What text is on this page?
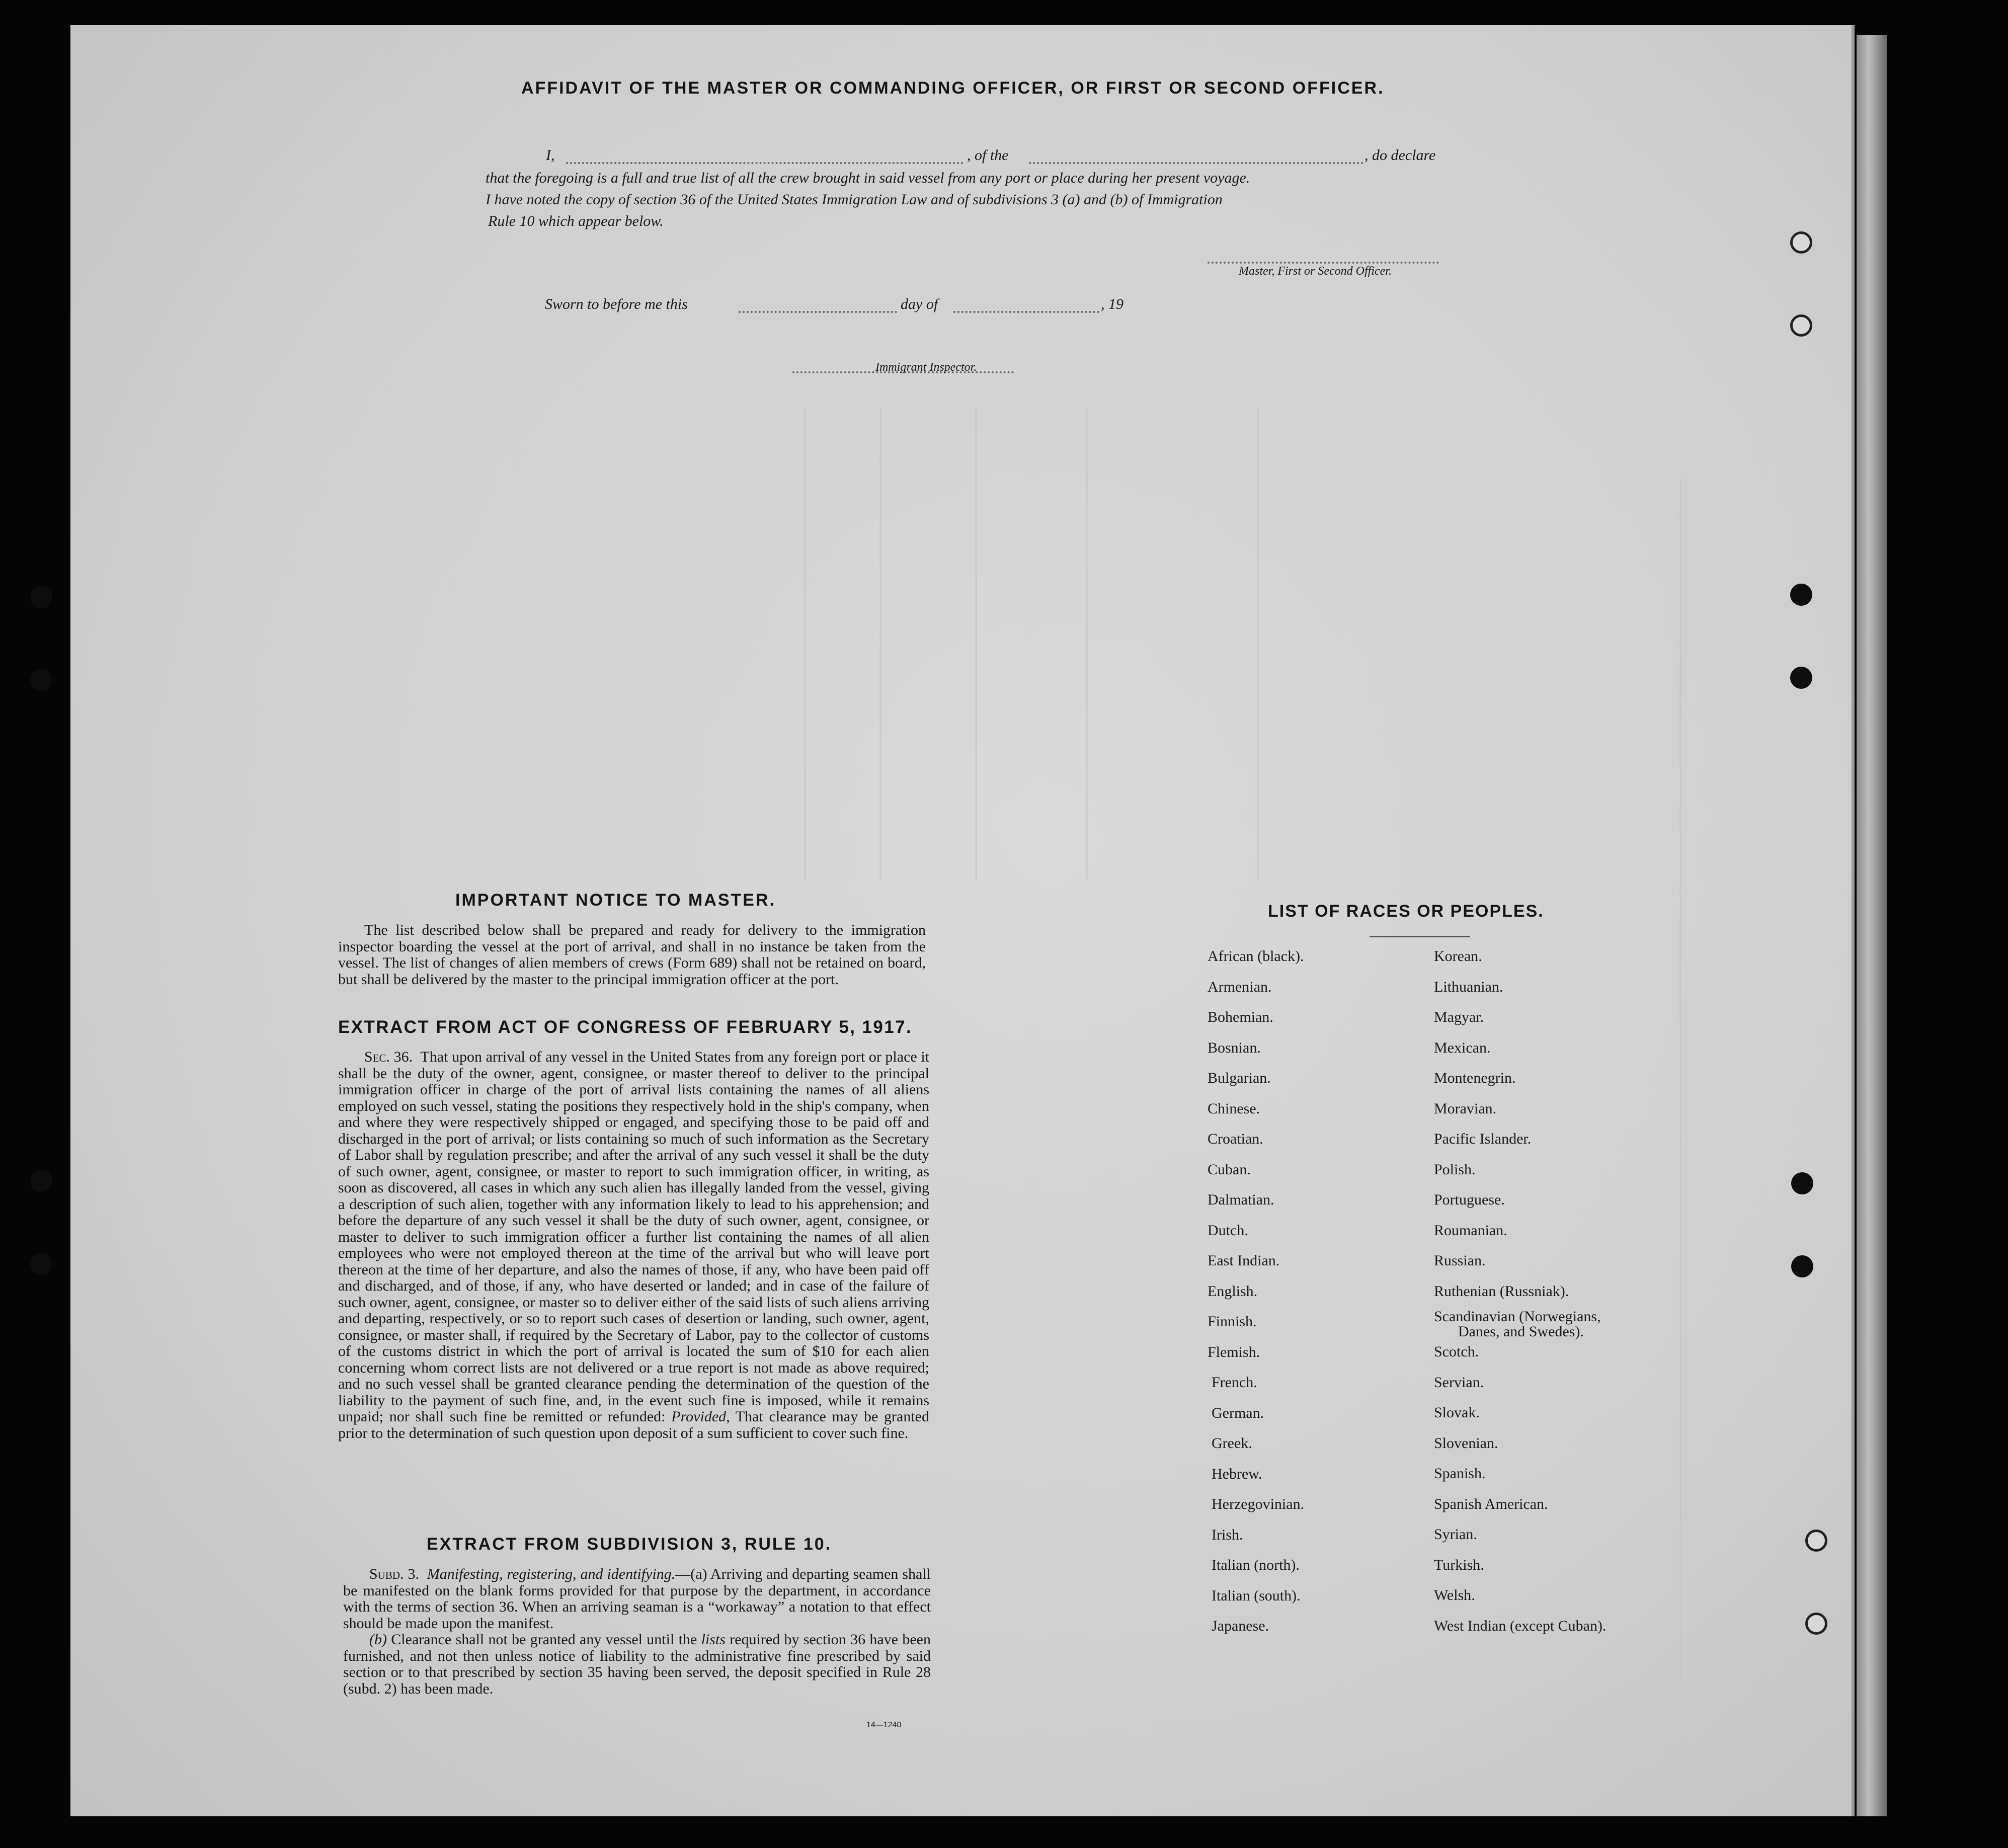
AFFIDAVIT OF THE MASTER OR COMMANDING OFFICER, OR FIRST OR SECOND OFFICER.
I,	, of the	, do declare
that the foregoing is a full and true list of all the crew brought in said vessel from any port or place during her present voyage.
I have noted the copy of section 36 of the United States Immigration Law and of subdivisions 3 (a) and (b) of Immigration
Rule 10 which appear below.
Master, First or Second Officer.
Sworn to before me this	day of	, 19
Immigrant Inspector.
IMPORTANT NOTICE TO MASTER.

The list described below shall be prepared and ready for delivery to the immigration inspector boarding the vessel at the port of arrival, and shall in no instance be taken from the vessel. The list of changes of alien members of crews (Form 689) shall not be retained on board, but shall be delivered by the master to the principal immigration officer at the port.

EXTRACT FROM ACT OF CONGRESS OF FEBRUARY 5, 1917.

Sec. 36. That upon arrival of any vessel in the United States from any foreign port or place it shall be the duty of the owner, agent, consignee, or master thereof to deliver to the principal immigration officer in charge of the port of arrival lists containing the names of all aliens employed on such vessel, stating the positions they respectively hold in the ship's company, when and where they were respectively shipped or engaged, and specifying those to be paid off and discharged in the port of arrival; or lists containing so much of such information as the Secretary of Labor shall by regulation prescribe; and after the arrival of any such vessel it shall be the duty of such owner, agent, consignee, or master to report to such immigration officer, in writing, as soon as discovered, all cases in which any such alien has illegally landed from the vessel, giving a description of such alien, together with any information likely to lead to his apprehension; and before the departure of any such vessel it shall be the duty of such owner, agent, consignee, or master to deliver to such immigration officer a further list containing the names of all alien employees who were not employed thereon at the time of the arrival but who will leave port thereon at the time of her departure, and also the names of those, if any, who have been paid off and discharged, and of those, if any, who have deserted or landed; and in case of the failure of such owner, agent, consignee, or master so to deliver either of the said lists of such aliens arriving and departing, respectively, or so to report such cases of desertion or landing, such owner, agent, consignee, or master shall, if required by the Secretary of Labor, pay to the collector of customs of the customs district in which the port of arrival is located the sum of $10 for each alien concerning whom correct lists are not delivered or a true report is not made as above required; and no such vessel shall be granted clearance pending the determination of the question of the liability to the payment of such fine, and, in the event such fine is imposed, while it remains unpaid; nor shall such fine be remitted or refunded: Provided, That clearance may be granted prior to the determination of such question upon deposit of a sum sufficient to cover such fine.

EXTRACT FROM SUBDIVISION 3, RULE 10.

Subd. 3. Manifesting, registering, and identifying.—(a) Arriving and departing seamen shall be manifested on the blank forms provided for that purpose by the department, in accordance with the terms of section 36. When an arriving seaman is a “workaway” a notation to that effect should be made upon the manifest.

(b) Clearance shall not be granted any vessel until the lists required by section 36 have been furnished, and not then unless notice of liability to the administrative fine prescribed by said section or to that prescribed by section 35 having been served, the deposit specified in Rule 28 (subd. 2) has been made.

14—1240
LIST OF RACES OR PEOPLES.
African (black).
Armenian.
Bohemian.
Bosnian.
Bulgarian.
Chinese.
Croatian.
Cuban.
Dalmatian.
Dutch.
East Indian.
English.
Finnish.
Flemish.
French.
German.
Greek.
Hebrew.
Herzegovinian.
Irish.
Italian (north).
Italian (south).
Japanese.
Korean.
Lithuanian.
Magyar.
Mexican.
Montenegrin.
Moravian.
Pacific Islander.
Polish.
Portuguese.
Roumanian.
Russian.
Ruthenian (Russniak).
Scandinavian (Norwegians,
Danes, and Swedes).
Scotch.
Servian.
Slovak.
Slovenian.
Spanish.
Spanish American.
Syrian.
Turkish.
Welsh.
West Indian (except Cuban).
